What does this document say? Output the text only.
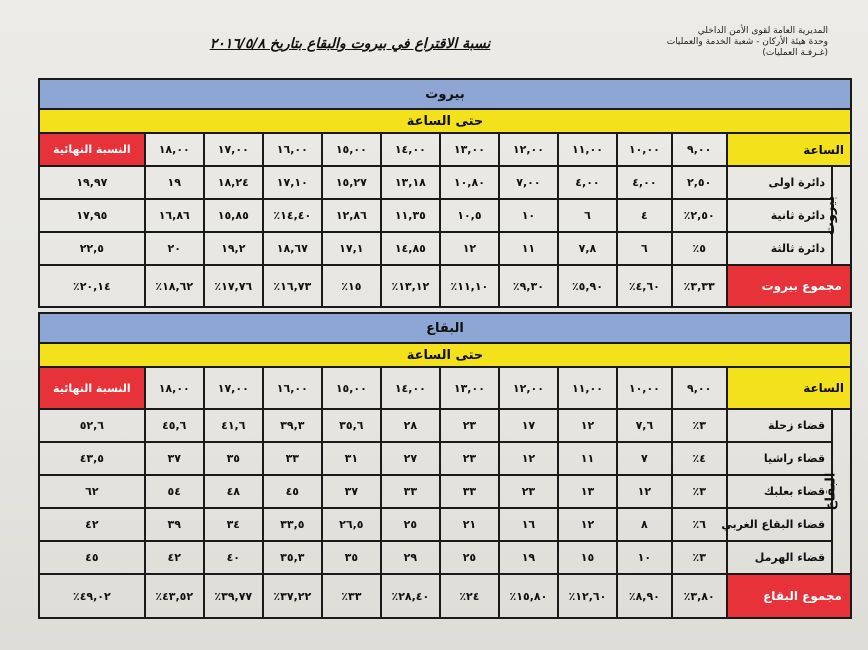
المديرية العامة لقوى الأمن الداخلي
وحدة هيئة الأركان - شعبة الخدمة والعمليات
(غـرفـة العمليات)
نسبة الاقتراع في بيروت والبقاع بتاريخ ٢٠١٦/٥/٨
بيروت												
حتى الساعة												
الساعة		٩,٠٠	١٠,٠٠	١١,٠٠	١٢,٠٠	١٣,٠٠	١٤,٠٠	١٥,٠٠	١٦,٠٠	١٧,٠٠	١٨,٠٠	النسبة النهائية
بيروت	دائرة اولى	٢,٥٠	٤,٠٠	٤,٠٠	٧,٠٠	١٠,٨٠	١٣,١٨	١٥,٢٧	١٧,١٠	١٨,٢٤	١٩	١٩,٩٧
	دائرة ثانية	٢,٥٠٪	٤	٦	١٠	١٠,٥	١١,٣٥	١٢,٨٦	١٤,٤٠٪	١٥,٨٥	١٦,٨٦	١٧,٩٥
	دائرة ثالثة	٥٪	٦	٧,٨	١١	١٢	١٤,٨٥	١٧,١	١٨,٦٧	١٩,٢	٢٠	٢٢,٥
مجموع بيروت		٣,٣٣٪	٤,٦٠٪	٥,٩٠٪	٩,٣٠٪	١١,١٠٪	١٣,١٢٪	١٥٪	١٦,٧٣٪	١٧,٧٦٪	١٨,٦٢٪	٢٠,١٤٪

البقاع												
حتى الساعة												
الساعة		٩,٠٠	١٠,٠٠	١١,٠٠	١٢,٠٠	١٣,٠٠	١٤,٠٠	١٥,٠٠	١٦,٠٠	١٧,٠٠	١٨,٠٠	النسبة النهائية
البقاع	قضاء زحلة	٣٪	٧,٦	١٢	١٧	٢٣	٢٨	٣٥,٦	٣٩,٣	٤١,٦	٤٥,٦	٥٢,٦
	قضاء راشيا	٤٪	٧	١١	١٢	٢٣	٢٧	٣١	٣٣	٣٥	٣٧	٤٣,٥
	قضاء بعلبك	٣٪	١٢	١٣	٢٣	٣٣	٣٣	٣٧	٤٥	٤٨	٥٤	٦٢
	قضاء البقاع الغربي	٦٪	٨	١٢	١٦	٢١	٢٥	٢٦,٥	٣٣,٥	٣٤	٣٩	٤٢
	قضاء الهرمل	٣٪	١٠	١٥	١٩	٢٥	٢٩	٣٥	٣٥,٣	٤٠	٤٢	٤٥
مجموع البقاع		٣,٨٠٪	٨,٩٠٪	١٢,٦٠٪	١٥,٨٠٪	٢٤٪	٢٨,٤٠٪	٣٣٪	٣٧,٢٢٪	٣٩,٧٧٪	٤٣,٥٢٪	٤٩,٠٢٪
